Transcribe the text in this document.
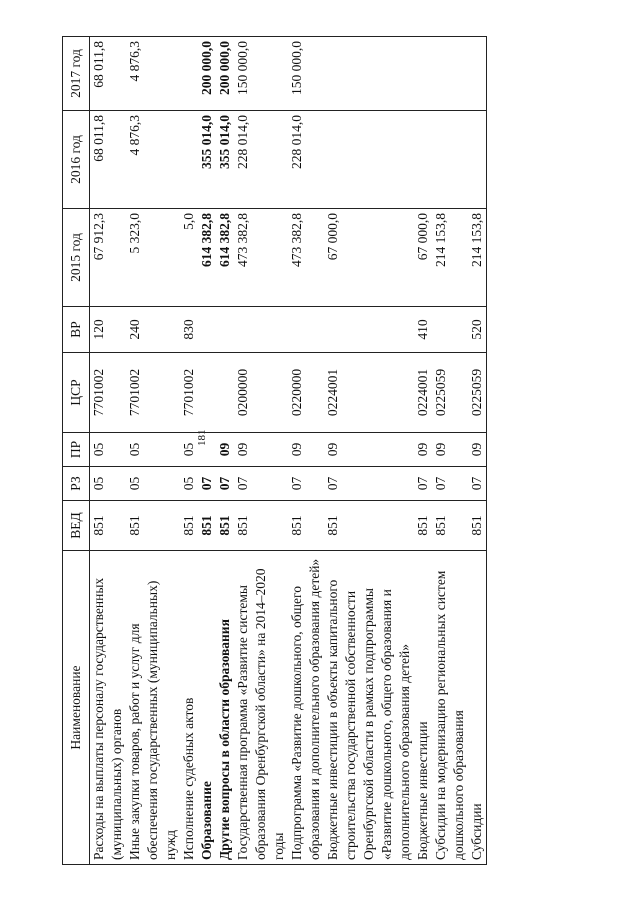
181
Наименование	ВЕД	РЗ	ПР	ЦСР	ВР	2015 год	2016 год	2017 год
Расходы на выплаты персоналу государственных (муниципальных) органов	851	05	05	7701002	120	67 912,3	68 011,8	68 011,8
Иные закупки товаров, работ и услуг для обеспечения государственных (муниципальных) нужд	851	05	05	7701002	240	5 323,0	4 876,3	4 876,3
Исполнение судебных актов	851	05	05	7701002	830	5,0		
Образование	851	07				614 382,8	355 014,0	200 000,0
Другие вопросы в области образования	851	07	09			614 382,8	355 014,0	200 000,0
Государственная программа «Развитие системы образования Оренбургской области» на 2014–2020 годы	851	07	09	0200000		473 382,8	228 014,0	150 000,0
Подпрограмма «Развитие дошкольного, общего образования и дополнительного образования детей»	851	07	09	0220000		473 382,8	228 014,0	150 000,0
Бюджетные инвестиции в объекты капитального строительства государственной собственности Оренбургской области в рамках подпрограммы «Развитие дошкольного, общего образования и дополнительного образования детей»	851	07	09	0224001		67 000,0		
Бюджетные инвестиции	851	07	09	0224001	410	67 000,0		
Субсидии на модернизацию региональных систем дошкольного образования	851	07	09	0225059		214 153,8		
Субсидии	851	07	09	0225059	520	214 153,8		
